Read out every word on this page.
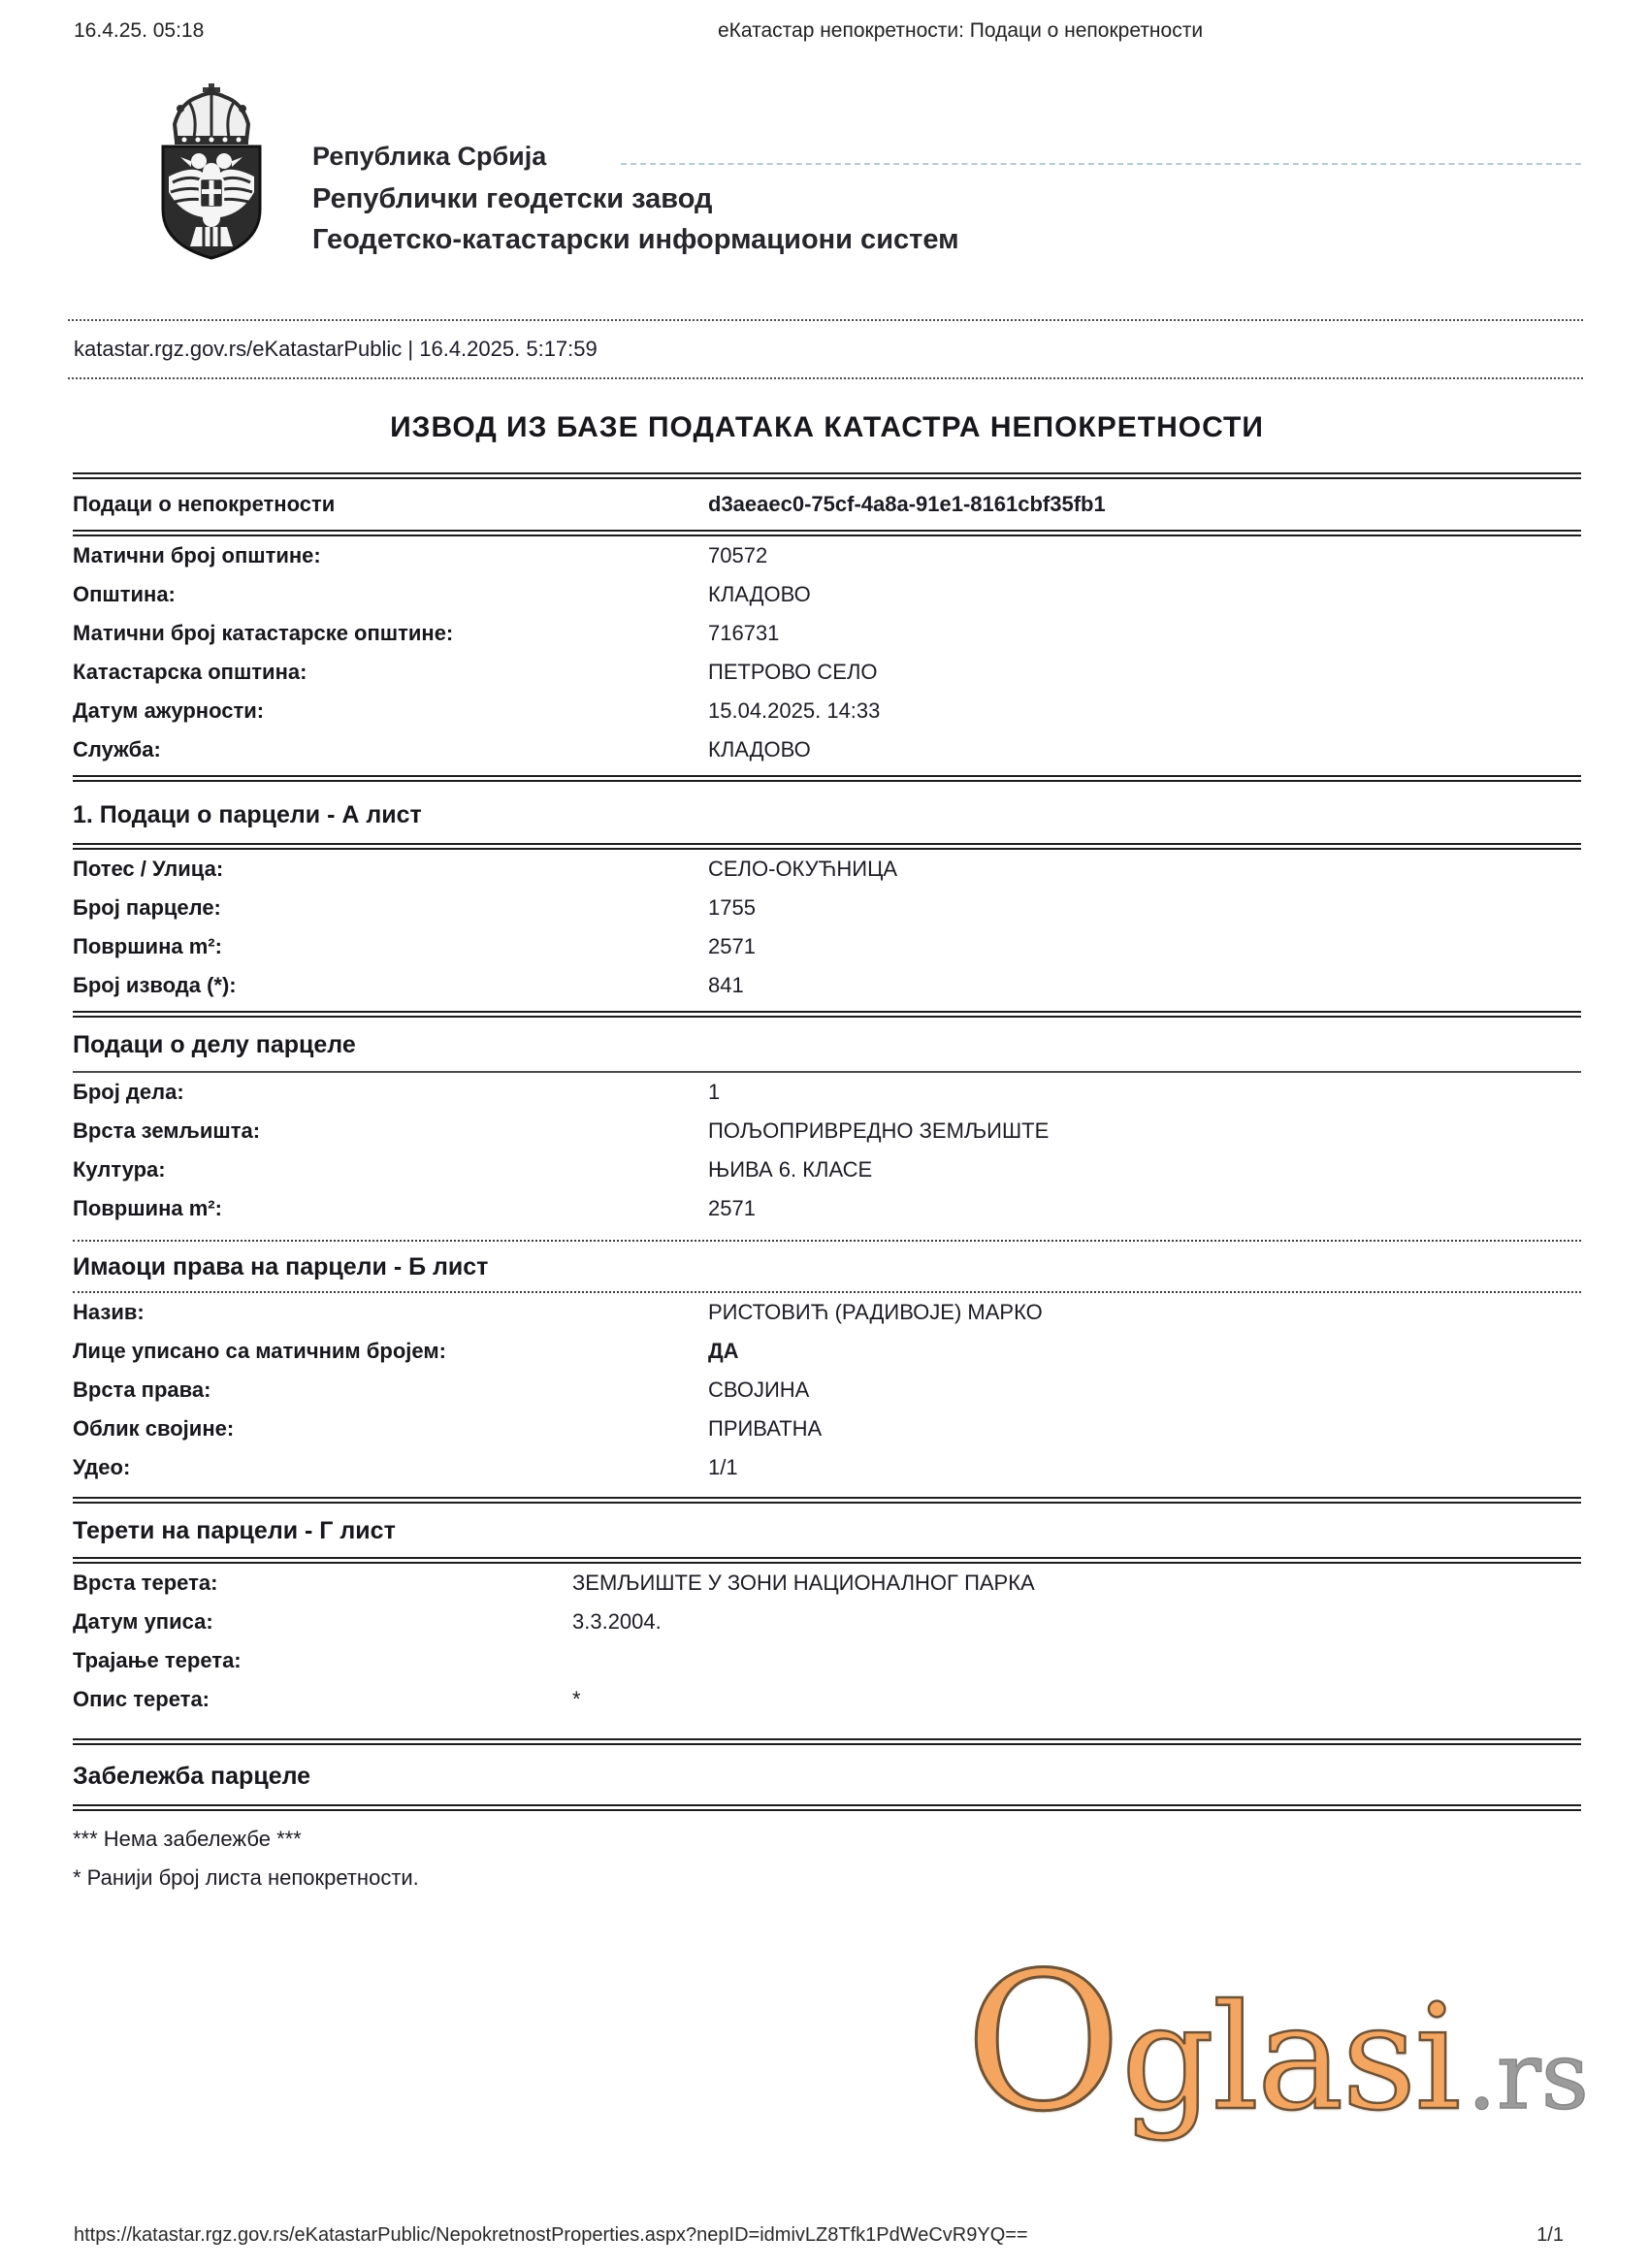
16.4.25. 05:18	еКатастар непокретности: Подаци о непокретности
Република Србија
Републички геодетски завод
Геодетско-катастарски информациони систем
katastar.rgz.gov.rs/eKatastarPublic | 16.4.2025. 5:17:59
ИЗВОД ИЗ БАЗЕ ПОДАТАКА КАТАСТРА НЕПОКРЕТНОСТИ
Подаци о непокретности	d3aeaec0-75cf-4a8a-91e1-8161cbf35fb1
Матични број општине:	70572
Општина:	КЛАДОВО
Матични број катастарске општине:	716731
Катастарска општина:	ПЕТРОВО СЕЛО
Датум ажурности:	15.04.2025. 14:33
Служба:	КЛАДОВО
1. Подаци о парцели - А лист
Потес / Улица:	СЕЛО-ОКУЋНИЦА
Број парцеле:	1755
Површина m²:	2571
Број извода (*):	841
Подаци о делу парцеле
Број дела:	1
Врста земљишта:	ПОЉОПРИВРЕДНО ЗЕМЉИШТЕ
Култура:	ЊИВА 6. КЛАСЕ
Површина m²:	2571
Имаоци права на парцели - Б лист
Назив:	РИСТОВИЋ (РАДИВОЈЕ) МАРКО
Лице уписано са матичним бројем:	ДА
Врста права:	СВОЈИНА
Облик својине:	ПРИВАТНА
Удео:	1/1
Терети на парцели - Г лист
Врста терета:	ЗЕМЉИШТЕ У ЗОНИ НАЦИОНАЛНОГ ПАРКА
Датум уписа:	3.3.2004.
Трајање терета:
Опис терета:	*
Забележба парцеле
*** Нема забележбе ***
* Ранији број листа непокретности.
O glasi .rs
https://katastar.rgz.gov.rs/eKatastarPublic/NepokretnostProperties.aspx?nepID=idmivLZ8Tfk1PdWeCvR9YQ==	1/1
